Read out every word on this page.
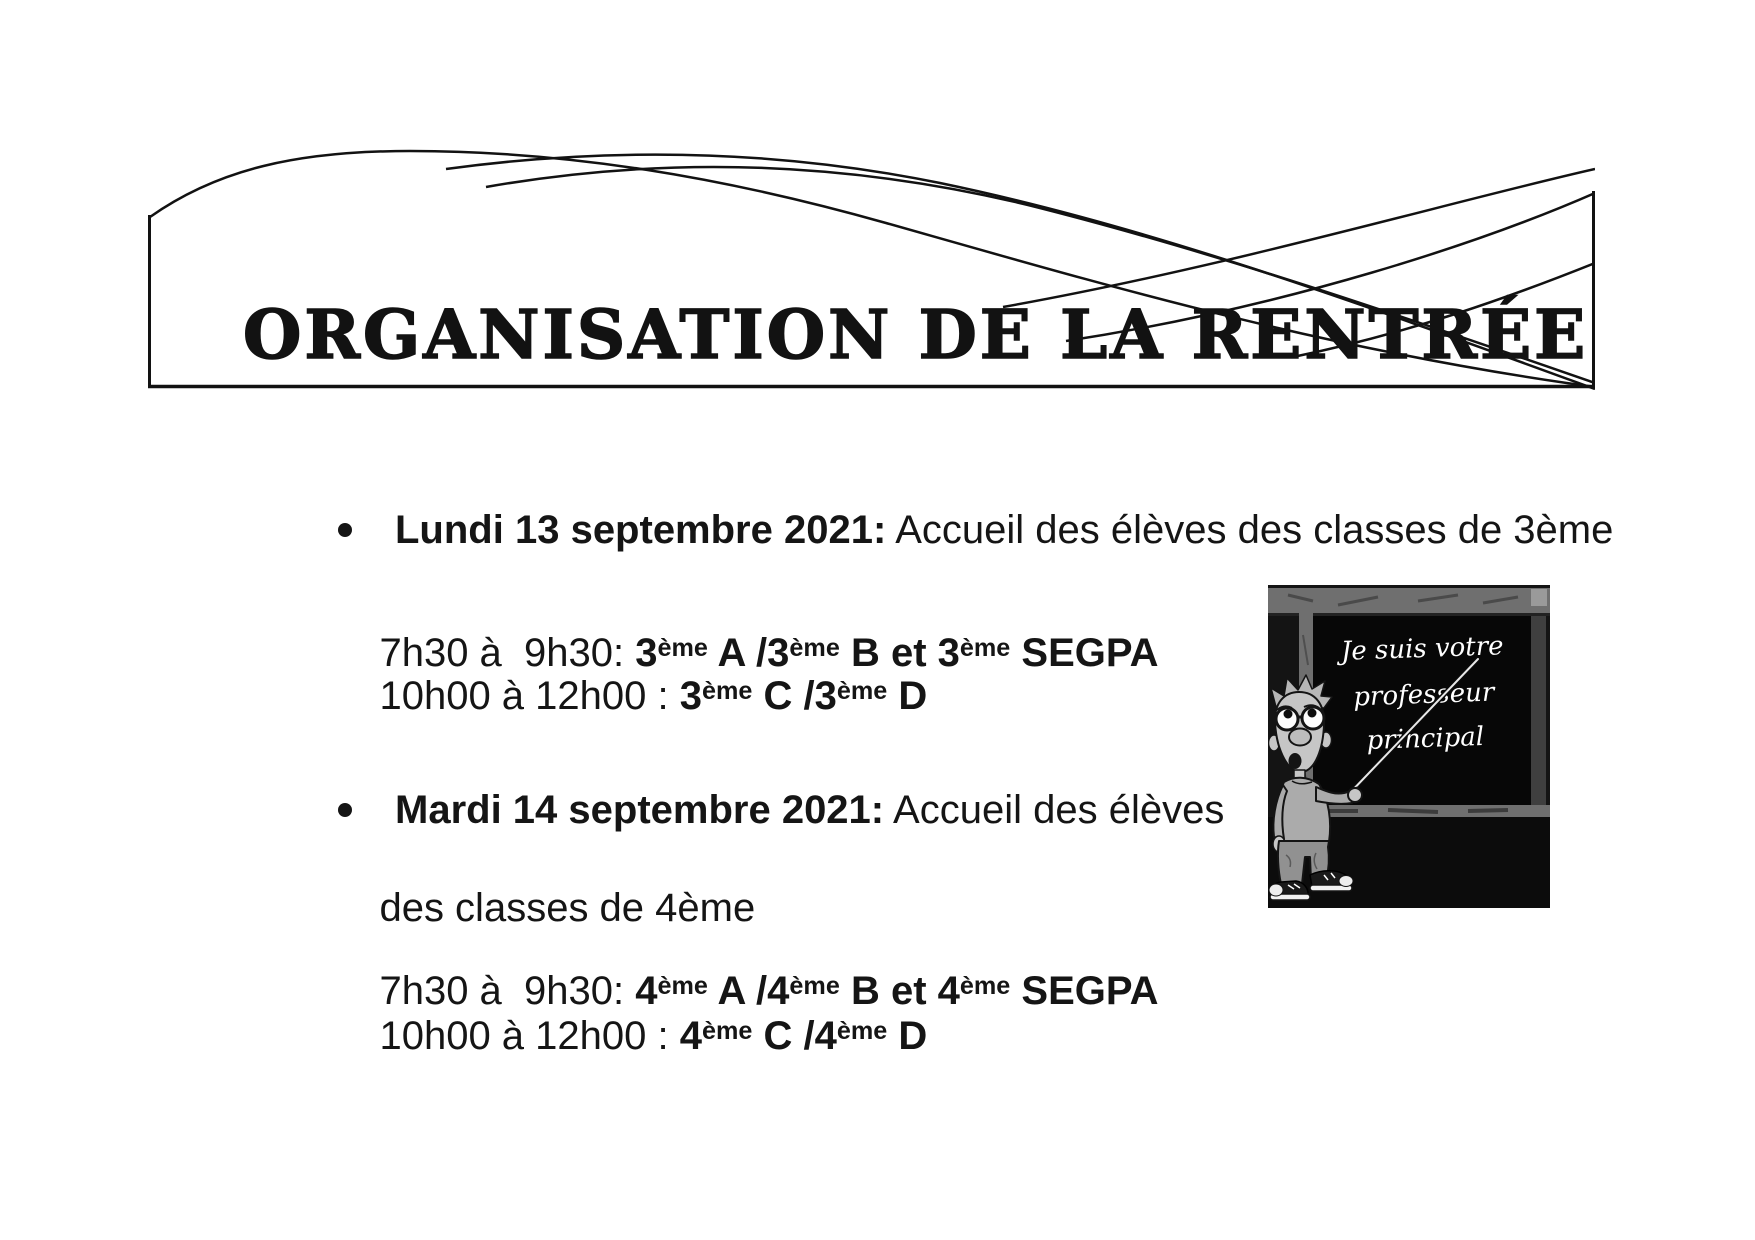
ORGANISATION DE LA RENTRÉE
Lundi 13 septembre 2021: Accueil des élèves des classes de 3ème

7h30 à  9h30: 3ème A /3ème B et 3ème SEGPA

10h00 à 12h00 : 3ème C /3ème D

Mardi 14 septembre 2021: Accueil des élèves

des classes de 4ème

7h30 à  9h30: 4ème A /4ème B et 4ème SEGPA

10h00 à 12h00 : 4ème C /4ème D

Je suis votre
professeur
principal
